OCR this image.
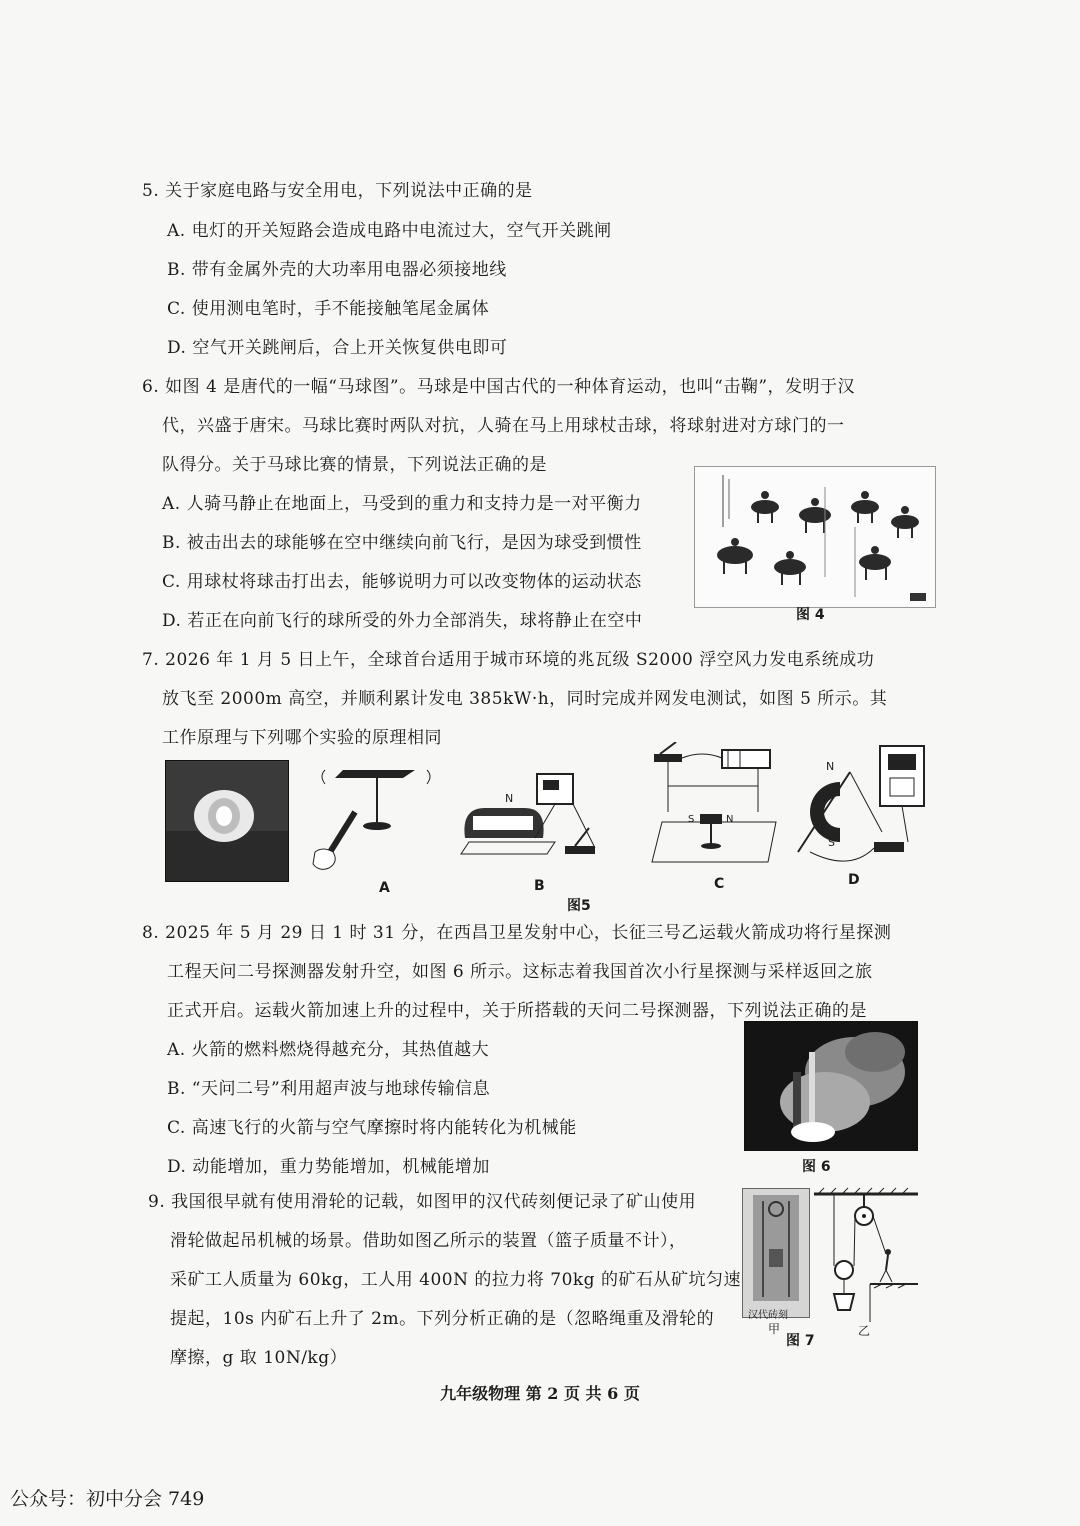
5. 关于家庭电路与安全用电，下列说法中正确的是
A. 电灯的开关短路会造成电路中电流过大，空气开关跳闸
B. 带有金属外壳的大功率用电器必须接地线
C. 使用测电笔时，手不能接触笔尾金属体
D. 空气开关跳闸后，合上开关恢复供电即可
6. 如图 4 是唐代的一幅“马球图”。马球是中国古代的一种体育运动，也叫“击鞠”，发明于汉
代，兴盛于唐宋。马球比赛时两队对抗，人骑在马上用球杖击球，将球射进对方球门的一
队得分。关于马球比赛的情景，下列说法正确的是
A. 人骑马静止在地面上，马受到的重力和支持力是一对平衡力
B. 被击出去的球能够在空中继续向前飞行，是因为球受到惯性
C. 用球杖将球击打出去，能够说明力可以改变物体的运动状态
D. 若正在向前飞行的球所受的外力全部消失，球将静止在空中	图 4
7. 2026 年 1 月 5 日上午，全球首台适用于城市环境的兆瓦级 S2000 浮空风力发电系统成功
放飞至 2000m 高空，并顺利累计发电 385kW·h，同时完成并网发电测试，如图 5 所示。其
工作原理与下列哪个实验的原理相同
A
N
B
S	N
C
图5
N
S
D
8. 2025 年 5 月 29 日 1 时 31 分，在西昌卫星发射中心，长征三号乙运载火箭成功将行星探测
工程天问二号探测器发射升空，如图 6 所示。这标志着我国首次小行星探测与采样返回之旅
正式开启。运载火箭加速上升的过程中，关于所搭载的天问二号探测器，下列说法正确的是
A. 火箭的燃料燃烧得越充分，其热值越大
B. “天问二号”利用超声波与地球传输信息
C. 高速飞行的火箭与空气摩擦时将内能转化为机械能
D. 动能增加，重力势能增加，机械能增加	图 6
9. 我国很早就有使用滑轮的记载，如图甲的汉代砖刻便记录了矿山使用
滑轮做起吊机械的场景。借助如图乙所示的装置（篮子质量不计），
采矿工人质量为 60kg，工人用 400N 的拉力将 70kg 的矿石从矿坑匀速
提起，10s 内矿石上升了 2m。下列分析正确的是（忽略绳重及滑轮的
摩擦，g 取 10N/kg）
汉代砖刻
甲	乙
图 7
九年级物理 第 2 页 共 6 页
公众号：初中分会 749
